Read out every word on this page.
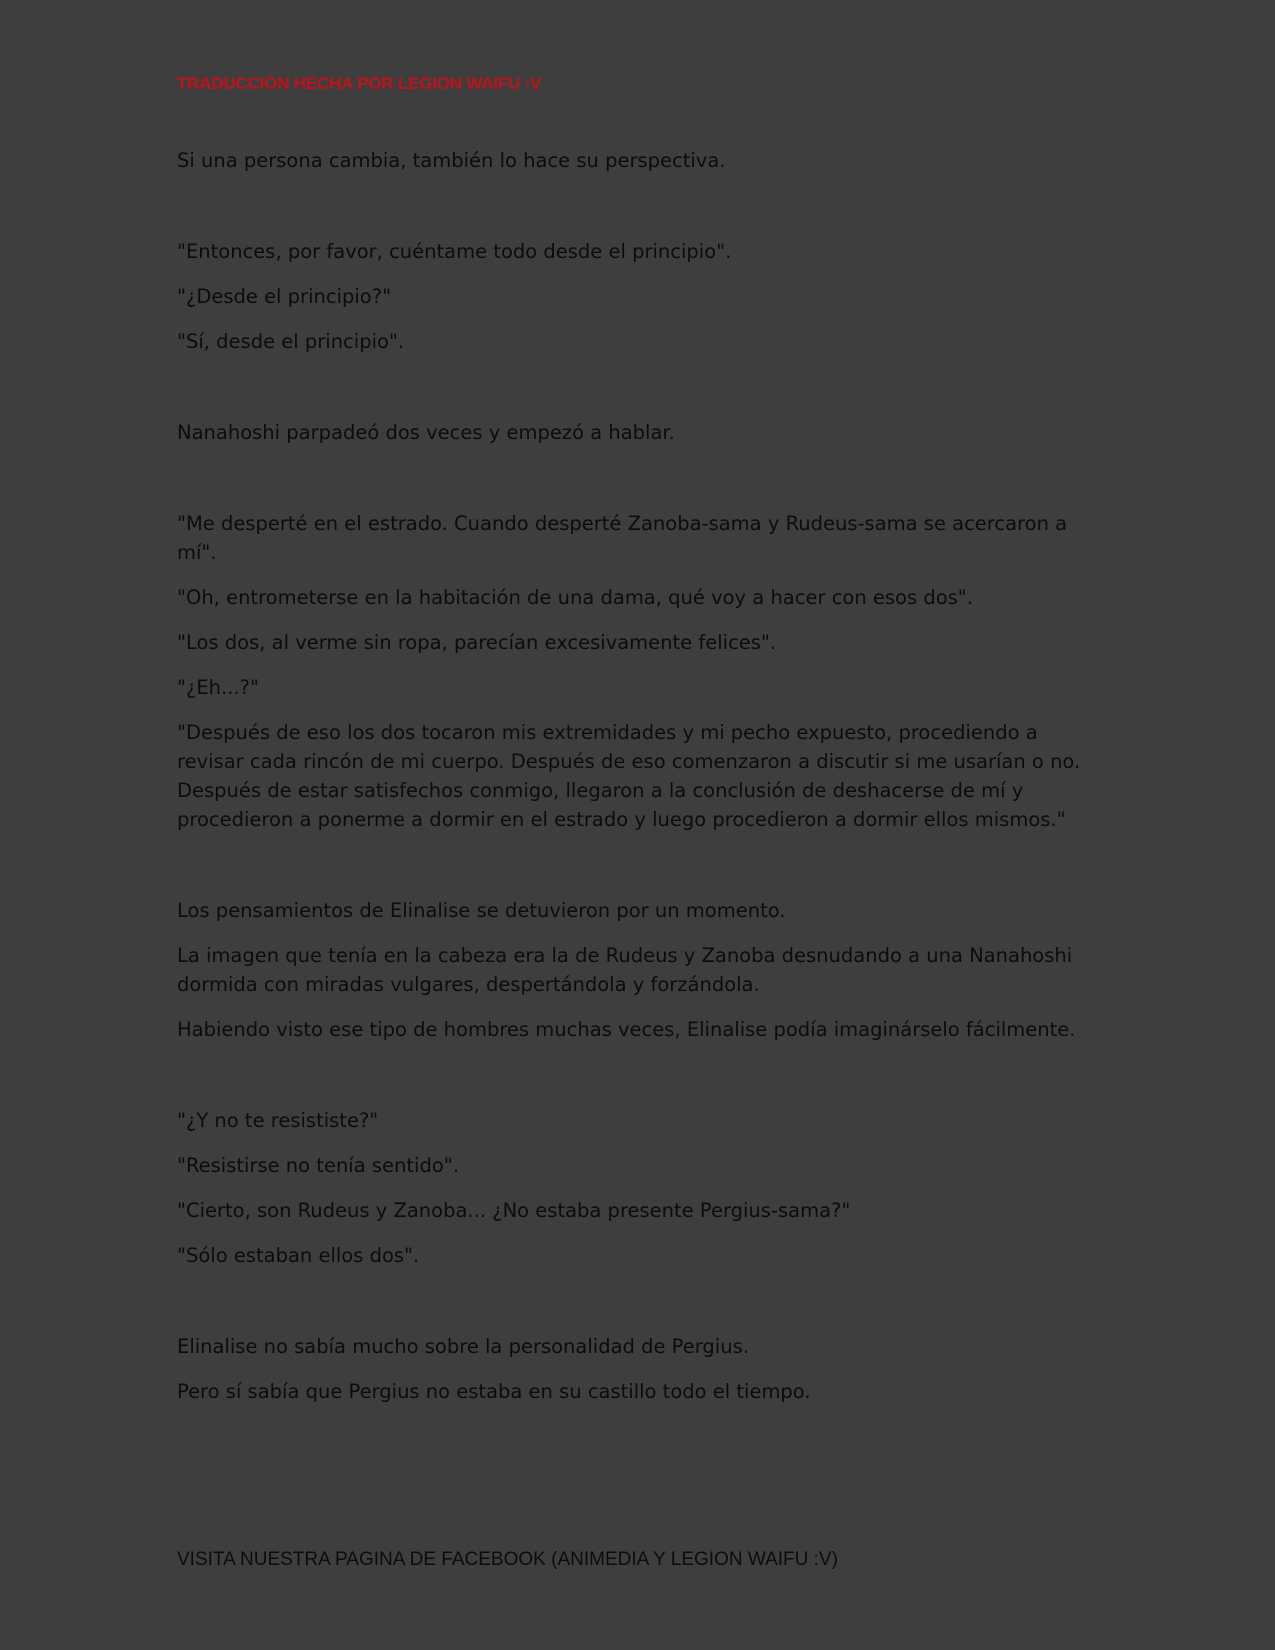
TRADUCCIÓN HECHA POR LEGION WAIFU :V

Si una persona cambia, también lo hace su perspectiva.

"Entonces, por favor, cuéntame todo desde el principio".

"¿Desde el principio?"

"Sí, desde el principio".

Nanahoshi parpadeó dos veces y empezó a hablar.

"Me desperté en el estrado. Cuando desperté Zanoba-sama y Rudeus-sama se acercaron a mí".

"Oh, entrometerse en la habitación de una dama, qué voy a hacer con esos dos".

"Los dos, al verme sin ropa, parecían excesivamente felices".

"¿Eh...?"

"Después de eso los dos tocaron mis extremidades y mi pecho expuesto, procediendo a revisar cada rincón de mi cuerpo. Después de eso comenzaron a discutir si me usarían o no. Después de estar satisfechos conmigo, llegaron a la conclusión de deshacerse de mí y procedieron a ponerme a dormir en el estrado y luego procedieron a dormir ellos mismos."

Los pensamientos de Elinalise se detuvieron por un momento.

La imagen que tenía en la cabeza era la de Rudeus y Zanoba desnudando a una Nanahoshi dormida con miradas vulgares, despertándola y forzándola.

Habiendo visto ese tipo de hombres muchas veces, Elinalise podía imaginárselo fácilmente.

"¿Y no te resististe?"

"Resistirse no tenía sentido".

"Cierto, son Rudeus y Zanoba... ¿No estaba presente Pergius-sama?"

"Sólo estaban ellos dos".

Elinalise no sabía mucho sobre la personalidad de Pergius.

Pero sí sabía que Pergius no estaba en su castillo todo el tiempo.

VISITA NUESTRA PAGINA DE FACEBOOK (ANIMEDIA Y LEGION WAIFU :V)
